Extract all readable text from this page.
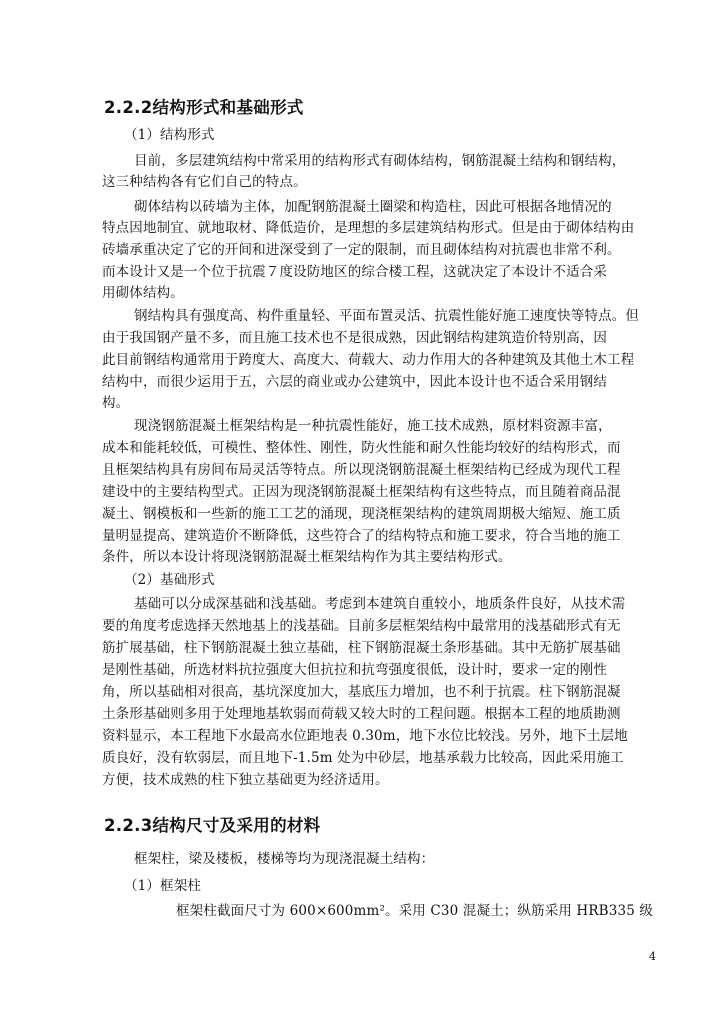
2.2.2结构形式和基础形式
（1）结构形式
目前，多层建筑结构中常采用的结构形式有砌体结构，钢筋混凝土结构和钢结构，
这三种结构各有它们自己的特点。
砌体结构以砖墙为主体，加配钢筋混凝土圈梁和构造柱，因此可根据各地情况的
特点因地制宜、就地取材、降低造价，是理想的多层建筑结构形式。但是由于砌体结构由
砖墙承重决定了它的开间和进深受到了一定的限制，而且砌体结构对抗震也非常不利。
而本设计又是一个位于抗震７度设防地区的综合楼工程，这就决定了本设计不适合采
用砌体结构。
钢结构具有强度高、构件重量轻、平面布置灵活、抗震性能好施工速度快等特点。但
由于我国钢产量不多，而且施工技术也不是很成熟，因此钢结构建筑造价特别高，因
此目前钢结构通常用于跨度大、高度大、荷载大、动力作用大的各种建筑及其他土木工程
结构中，而很少运用于五，六层的商业或办公建筑中，因此本设计也不适合采用钢结
构。
现浇钢筋混凝土框架结构是一种抗震性能好，施工技术成熟，原材料资源丰富，
成本和能耗较低，可模性、整体性、刚性，防火性能和耐久性能均较好的结构形式，而
且框架结构具有房间布局灵活等特点。所以现浇钢筋混凝土框架结构已经成为现代工程
建设中的主要结构型式。正因为现浇钢筋混凝土框架结构有这些特点，而且随着商品混
凝土、钢模板和一些新的施工工艺的涌现，现浇框架结构的建筑周期极大缩短、施工质
量明显提高、建筑造价不断降低，这些符合了的结构特点和施工要求，符合当地的施工
条件，所以本设计将现浇钢筋混凝土框架结构作为其主要结构形式。
（2）基础形式
基础可以分成深基础和浅基础。考虑到本建筑自重较小，地质条件良好，从技术需
要的角度考虑选择天然地基上的浅基础。目前多层框架结构中最常用的浅基础形式有无
筋扩展基础，柱下钢筋混凝土独立基础，柱下钢筋混凝土条形基础。其中无筋扩展基础
是刚性基础，所选材料抗拉强度大但抗拉和抗弯强度很低，设计时，要求一定的刚性
角，所以基础相对很高，基坑深度加大，基底压力增加，也不利于抗震。柱下钢筋混凝
土条形基础则多用于处理地基软弱而荷载又较大时的工程问题。根据本工程的地质勘测
资料显示，本工程地下水最高水位距地表 0.30m，地下水位比较浅。另外，地下土层地
质良好，没有软弱层，而且地下-1.5m 处为中砂层，地基承载力比较高，因此采用施工
方便，技术成熟的柱下独立基础更为经济适用。
2.2.3结构尺寸及采用的材料
框架柱，梁及楼板，楼梯等均为现浇混凝土结构：
（1）框架柱
框架柱截面尺寸为 600×600mm²。采用 C30 混凝土；纵筋采用 HRB335 级
4
